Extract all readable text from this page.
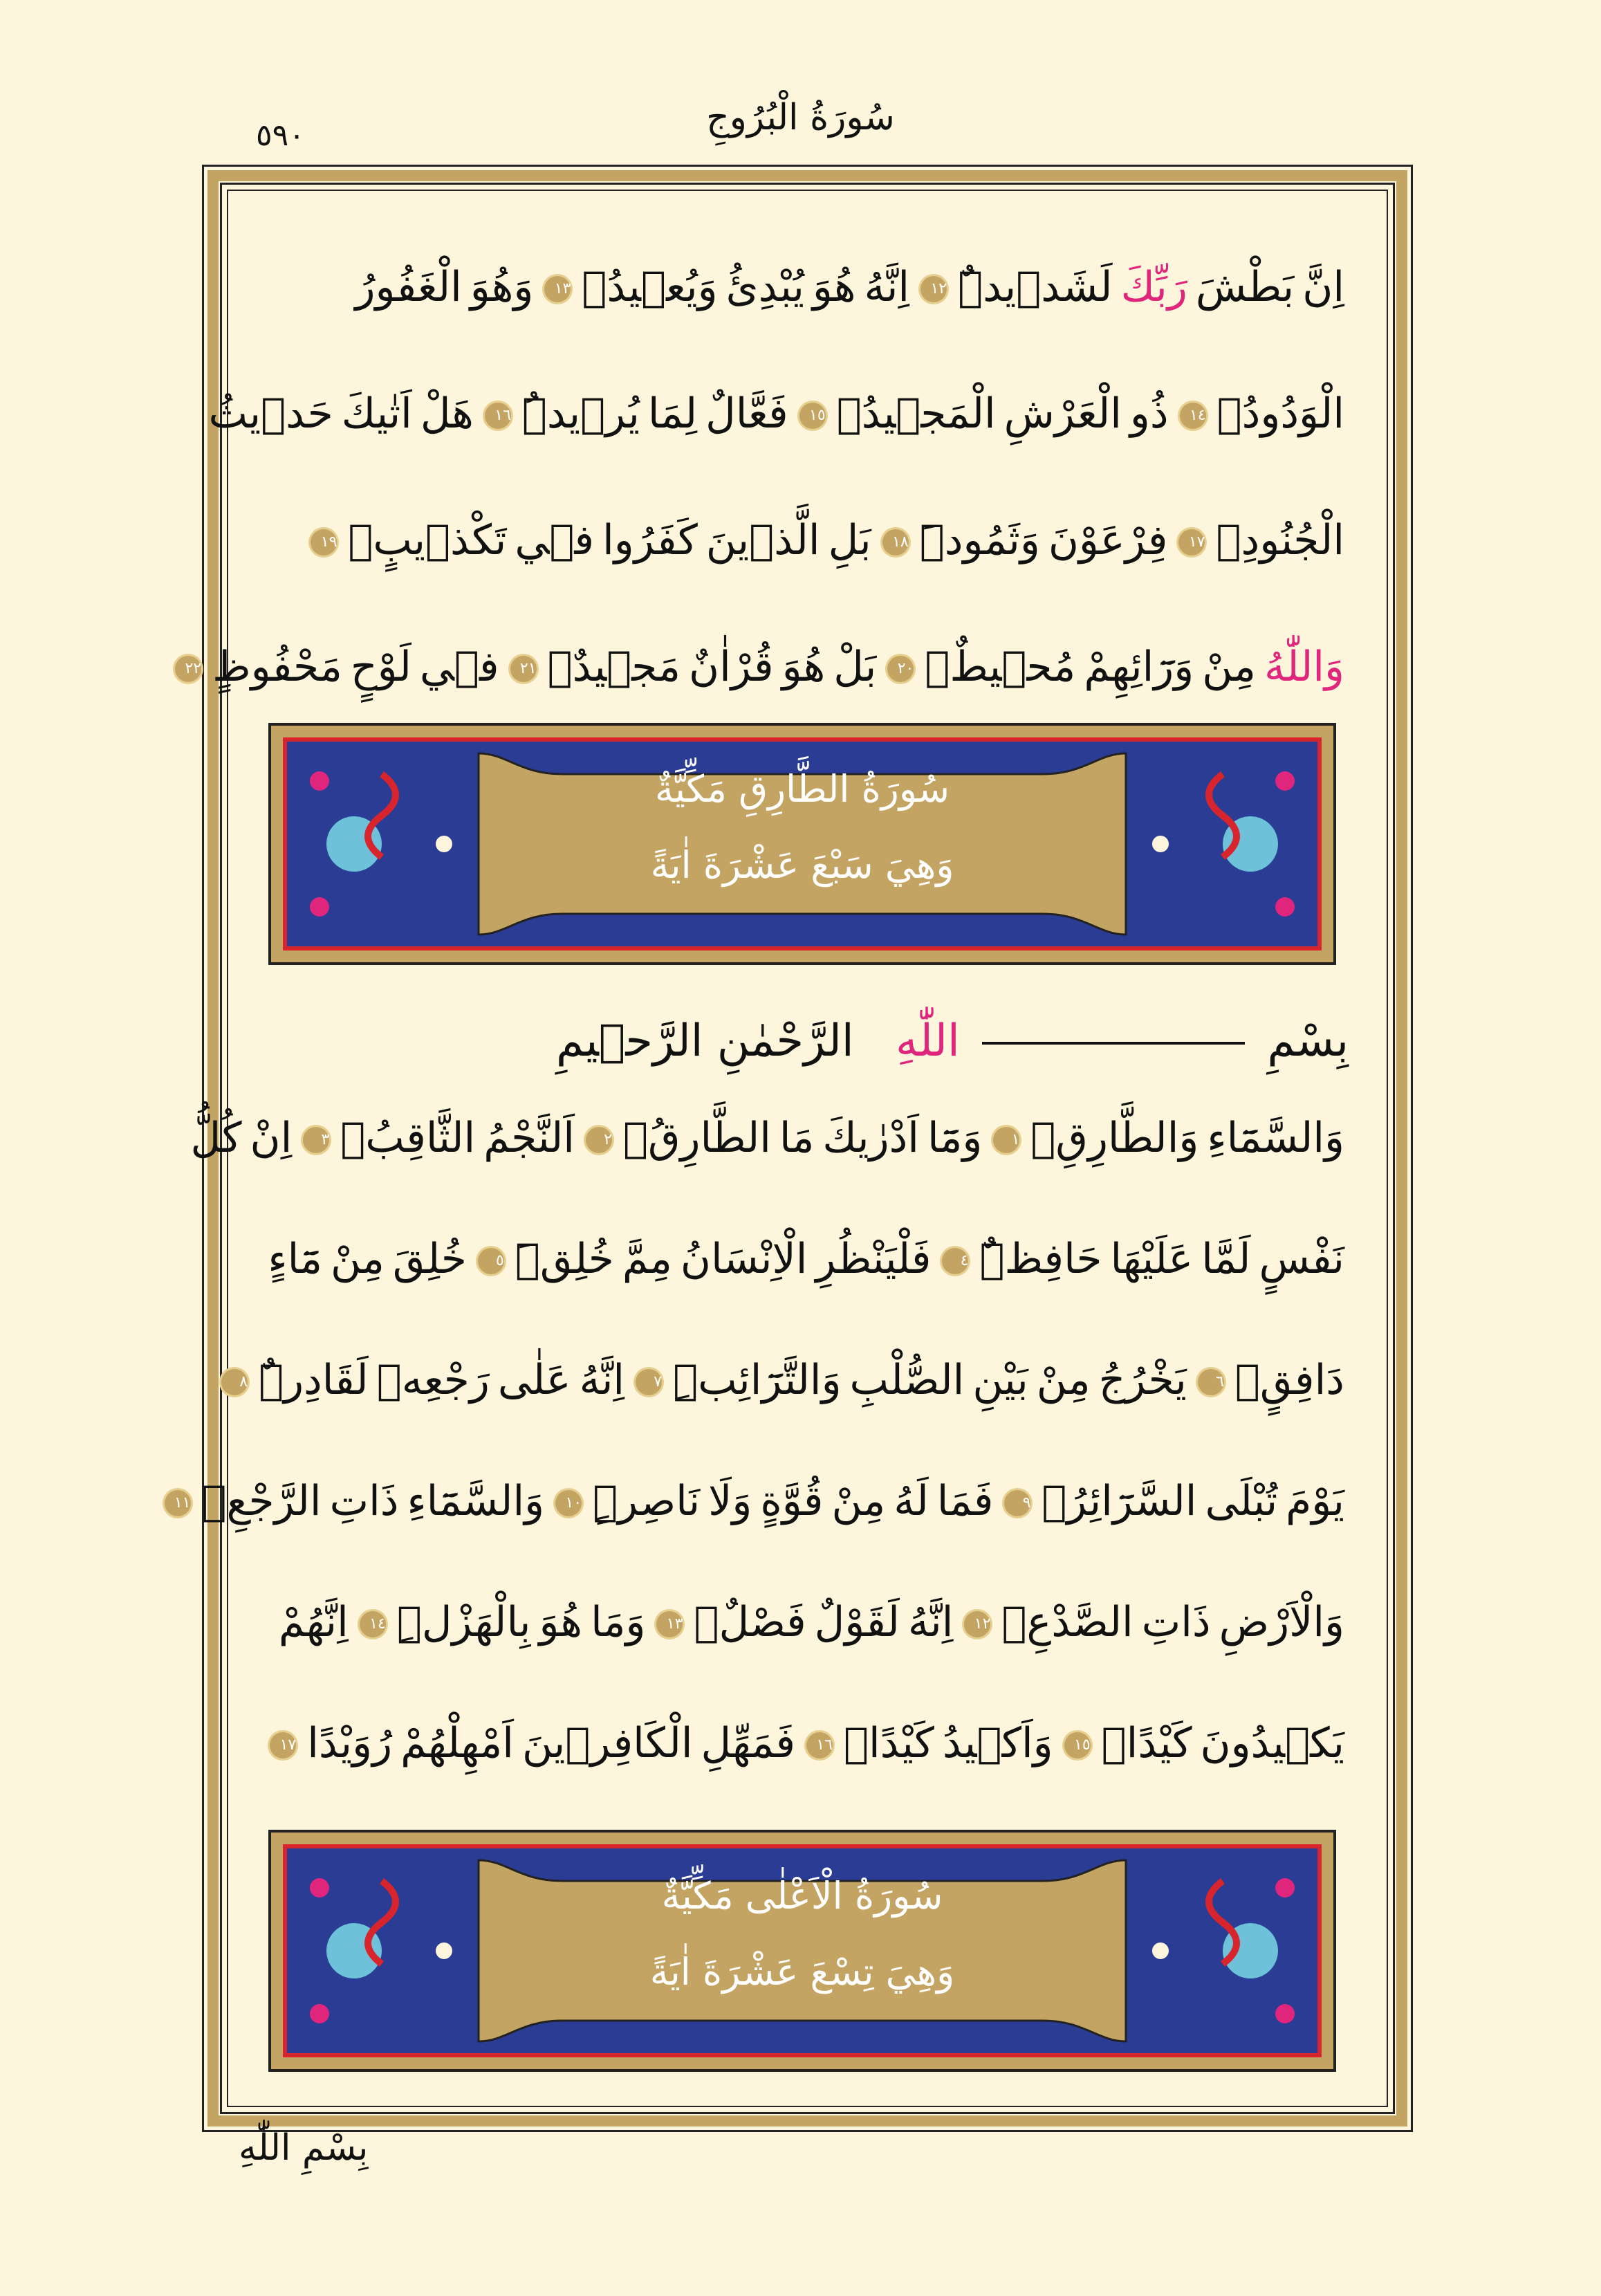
سُورَةُ الْبُرُوجِ
٥٩٠
اِنَّبَطْشَرَبِّكَلَشَد۪يدٌۜ١٢اِنَّهُهُوَيُبْدِئُوَيُع۪يدُۚ١٣وَهُوَالْغَفُورُ
الْوَدُودُۙ١٤ذُوالْعَرْشِالْمَج۪يدُۙ١٥فَعَّالٌلِمَايُر۪يدُۜ١٦هَلْاَتٰيكَحَد۪يثُ
الْجُنُودِۙ١٧فِرْعَوْنَوَثَمُودَۜ١٨بَلِالَّذ۪ينَكَفَرُواف۪يتَكْذ۪يبٍۙ١٩
وَاللّٰهُمِنْوَرَٓائِهِمْمُح۪يطٌۚ٢٠بَلْهُوَقُرْاٰنٌمَج۪يدٌۙ٢١ف۪يلَوْحٍمَحْفُوظٍ٢٢
سُورَةُ الطَّارِقِ مَكِّيَّةٌ
وَهِيَ سَبْعَ عَشْرَةَ اٰيَةً
بِسْمِ  اللّٰهِ الرَّحْمٰنِ الرَّح۪يمِ
وَالسَّمَٓاءِوَالطَّارِقِۙ١وَمَٓااَدْرٰيكَمَاالطَّارِقُۙ٢اَلنَّجْمُالثَّاقِبُۙ٣اِنْكُلُّ
نَفْسٍلَمَّاعَلَيْهَاحَافِظٌۜ٤فَلْيَنْظُرِالْاِنْسَانُمِمَّخُلِقَۜ٥خُلِقَمِنْمَٓاءٍ
دَافِقٍۙ٦يَخْرُجُمِنْبَيْنِالصُّلْبِوَالتَّرَٓائِبِۜ٧اِنَّهُعَلٰىرَجْعِه۪لَقَادِرٌۜ٨
يَوْمَتُبْلَىالسَّرَٓائِرُۙ٩فَمَالَهُمِنْقُوَّةٍوَلَانَاصِرٍۜ١٠وَالسَّمَٓاءِذَاتِالرَّجْعِۙ١١
وَالْاَرْضِذَاتِالصَّدْعِۙ١٢اِنَّهُلَقَوْلٌفَصْلٌۙ١٣وَمَاهُوَبِالْهَزْلِۜ١٤اِنَّهُمْ
يَك۪يدُونَكَيْدًاۙ١٥وَاَك۪يدُكَيْدًاۚ١٦فَمَهِّلِالْكَافِر۪ينَاَمْهِلْهُمْرُوَيْدًا١٧
سُورَةُ الْاَعْلٰى مَكِّيَّةٌ
وَهِيَ تِسْعَ عَشْرَةَ اٰيَةً
بِسْمِ اللّٰهِ
